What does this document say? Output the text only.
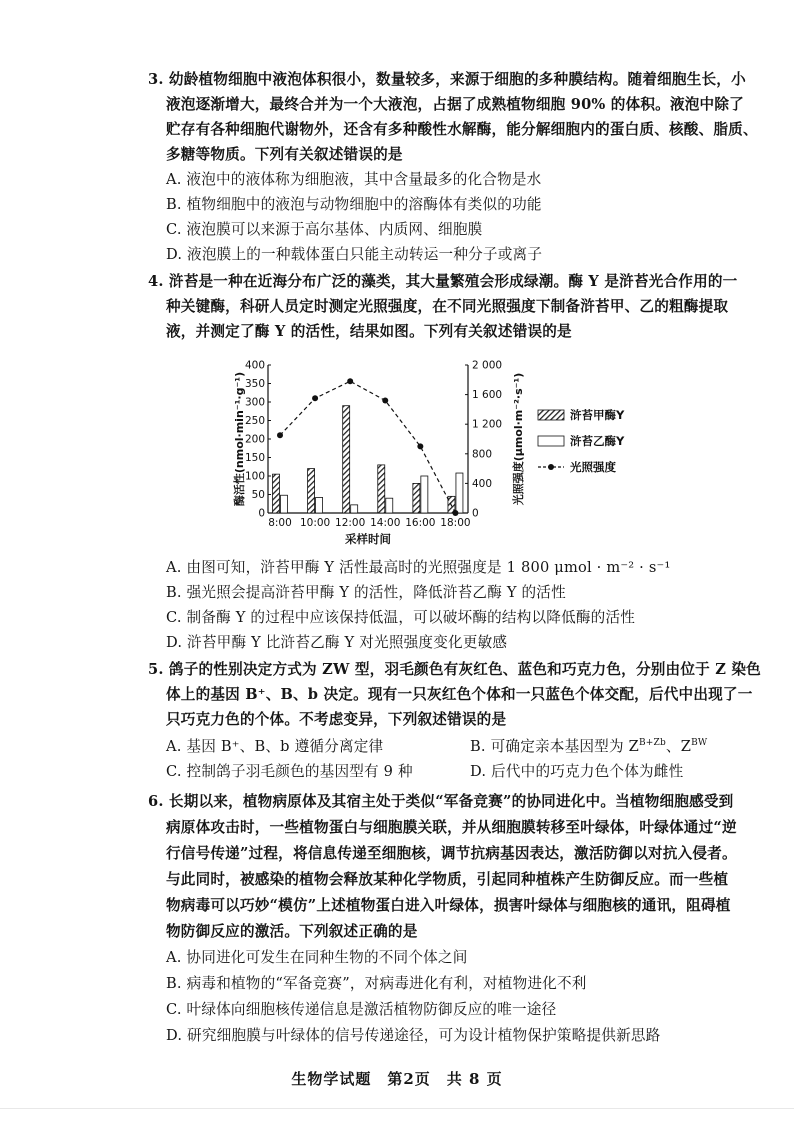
3. 幼龄植物细胞中液泡体积很小，数量较多，来源于细胞的多种膜结构。随着细胞生长，小
液泡逐渐增大，最终合并为一个大液泡，占据了成熟植物细胞 90% 的体积。液泡中除了
贮存有各种细胞代谢物外，还含有多种酸性水解酶，能分解细胞内的蛋白质、核酸、脂质、
多糖等物质。下列有关叙述错误的是
A. 液泡中的液体称为细胞液，其中含量最多的化合物是水
B. 植物细胞中的液泡与动物细胞中的溶酶体有类似的功能
C. 液泡膜可以来源于高尔基体、内质网、细胞膜
D. 液泡膜上的一种载体蛋白只能主动转运一种分子或离子
4. 浒苔是一种在近海分布广泛的藻类，其大量繁殖会形成绿潮。酶 Y 是浒苔光合作用的一
种关键酶，科研人员定时测定光照强度，在不同光照强度下制备浒苔甲、乙的粗酶提取
液，并测定了酶 Y 的活性，结果如图。下列有关叙述错误的是
0
50
100
150
200
250
300
350
400
0
400
800
1 200
1 600
2 000
8:00 10:00 12:00 14:00 16:00 18:00
采样时间
酶活性(nmol·min⁻¹·g⁻¹)	光照强度(μmol·m⁻²·s⁻¹)	浒苔甲酶Y
浒苔乙酶Y
光照强度
A. 由图可知，浒苔甲酶 Y 活性最高时的光照强度是 1 800 μmol · m⁻² · s⁻¹
B. 强光照会提高浒苔甲酶 Y 的活性，降低浒苔乙酶 Y 的活性
C. 制备酶 Y 的过程中应该保持低温，可以破坏酶的结构以降低酶的活性
D. 浒苔甲酶 Y 比浒苔乙酶 Y 对光照强度变化更敏感
5. 鸽子的性别决定方式为 ZW 型，羽毛颜色有灰红色、蓝色和巧克力色，分别由位于 Z 染色
体上的基因 B⁺、B、b 决定。现有一只灰红色个体和一只蓝色个体交配，后代中出现了一
只巧克力色的个体。不考虑变异，下列叙述错误的是
A. 基因 B⁺、B、b 遵循分离定律	B. 可确定亲本基因型为 $Z^{B+Zb}$、$Z^{BW}$
C. 控制鸽子羽毛颜色的基因型有 9 种	D. 后代中的巧克力色个体为雌性
6. 长期以来，植物病原体及其宿主处于类似“军备竞赛”的协同进化中。当植物细胞感受到
病原体攻击时，一些植物蛋白与细胞膜关联，并从细胞膜转移至叶绿体，叶绿体通过“逆
行信号传递”过程，将信息传递至细胞核，调节抗病基因表达，激活防御以对抗入侵者。
与此同时，被感染的植物会释放某种化学物质，引起同种植株产生防御反应。而一些植
物病毒可以巧妙“模仿”上述植物蛋白进入叶绿体，损害叶绿体与细胞核的通讯，阻碍植
物防御反应的激活。下列叙述正确的是
A. 协同进化可发生在同种生物的不同个体之间
B. 病毒和植物的“军备竞赛”，对病毒进化有利，对植物进化不利
C. 叶绿体向细胞核传递信息是激活植物防御反应的唯一途径
D. 研究细胞膜与叶绿体的信号传递途径，可为设计植物保护策略提供新思路
生物学试题　第2页　共 8 页
